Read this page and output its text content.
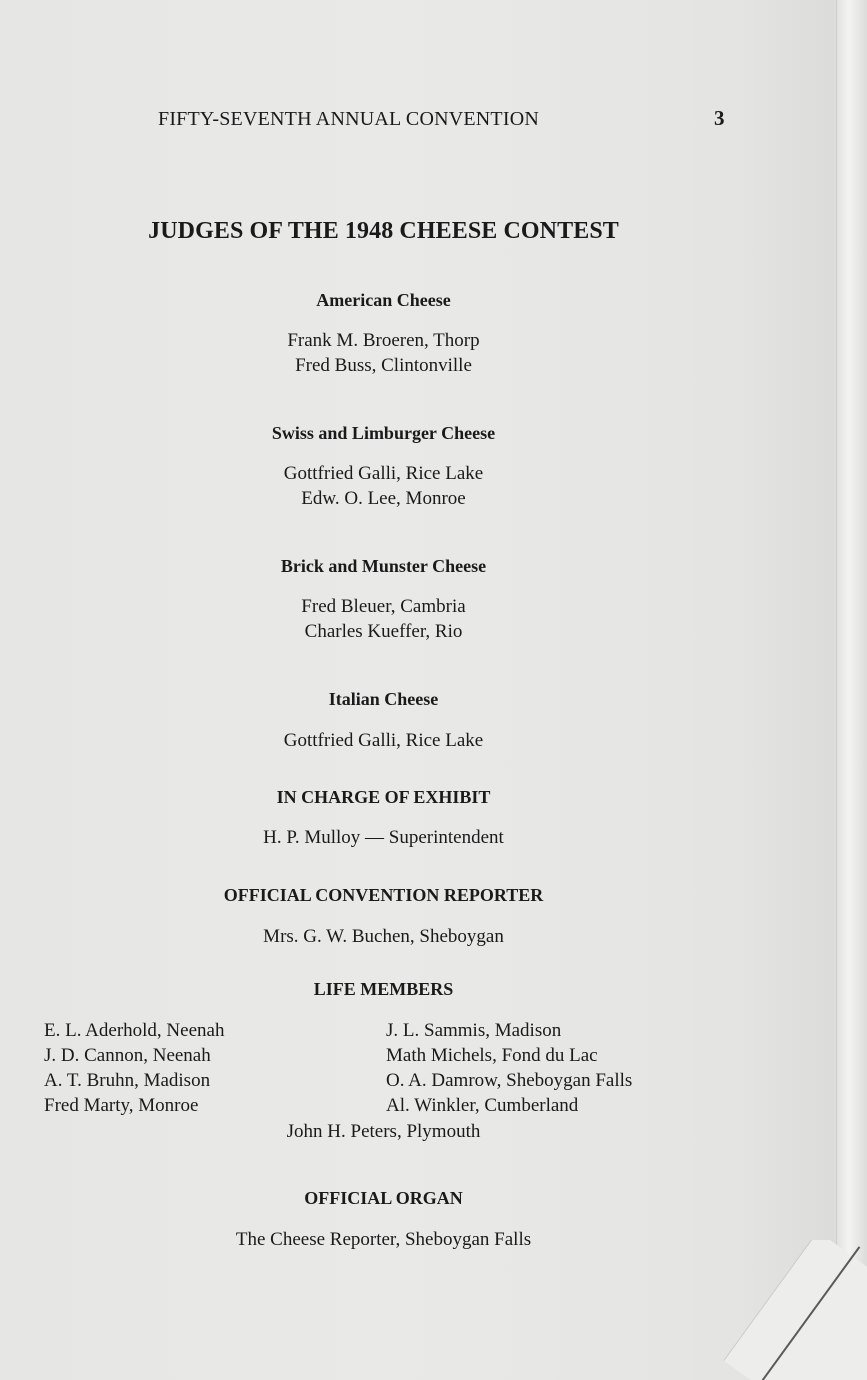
FIFTY-SEVENTH ANNUAL CONVENTION	3
JUDGES OF THE 1948 CHEESE CONTEST
American Cheese
Frank M. Broeren, Thorp
Fred Buss, Clintonville
Swiss and Limburger Cheese
Gottfried Galli, Rice Lake
Edw. O. Lee, Monroe
Brick and Munster Cheese
Fred Bleuer, Cambria
Charles Kueffer, Rio
Italian Cheese
Gottfried Galli, Rice Lake
IN CHARGE OF EXHIBIT
H. P. Mulloy — Superintendent
OFFICIAL CONVENTION REPORTER
Mrs. G. W. Buchen, Sheboygan
LIFE MEMBERS
E. L. Aderhold, Neenah
J. D. Cannon, Neenah
A. T. Bruhn, Madison
Fred Marty, Monroe
J. L. Sammis, Madison
Math Michels, Fond du Lac
O. A. Damrow, Sheboygan Falls
Al. Winkler, Cumberland
John H. Peters, Plymouth
OFFICIAL ORGAN
The Cheese Reporter, Sheboygan Falls
